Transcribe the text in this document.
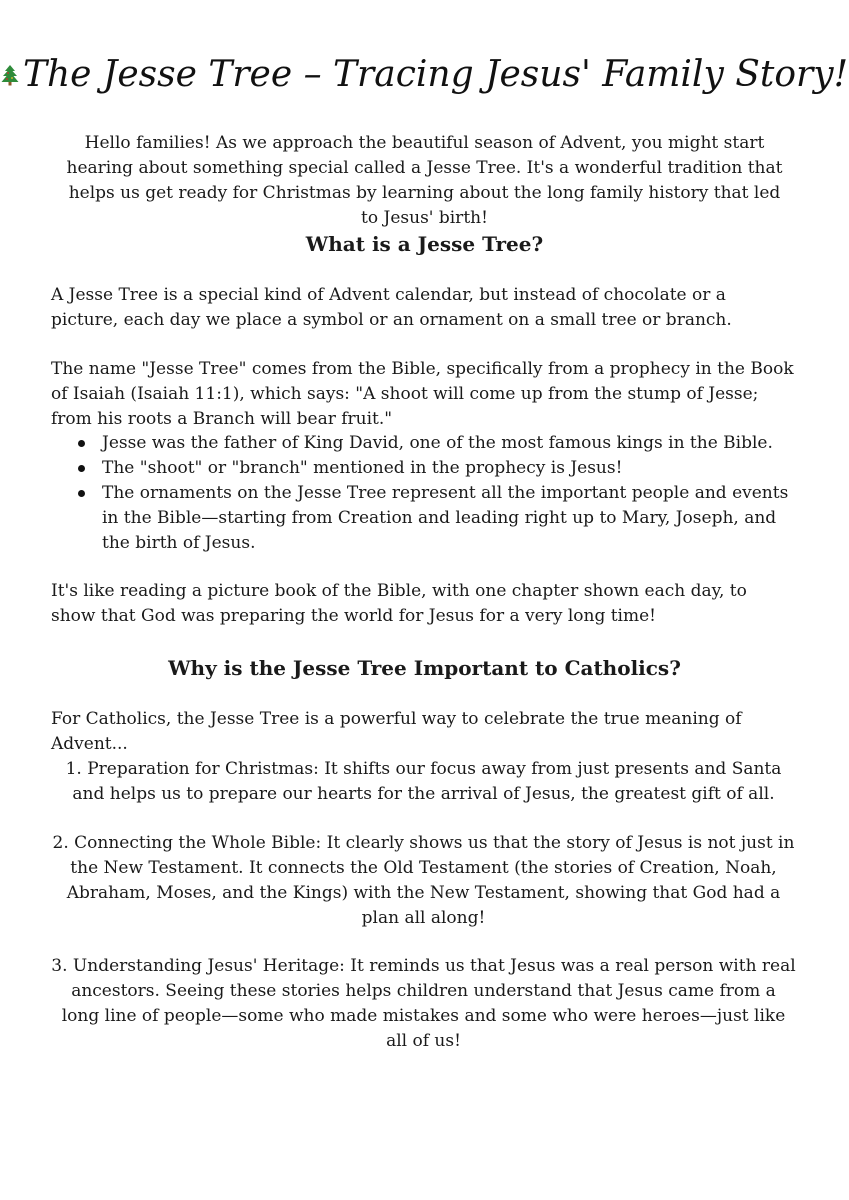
The Jesse Tree – Tracing Jesus' Family Story!
Hello families! As we approach the beautiful season of Advent, you might start hearing about something special called a Jesse Tree. It's a wonderful tradition that helps us get ready for Christmas by learning about the long family history that led to Jesus' birth!
What is a Jesse Tree?
A Jesse Tree is a special kind of Advent calendar, but instead of chocolate or a picture, each day we place a symbol or an ornament on a small tree or branch.
The name "Jesse Tree" comes from the Bible, specifically from a prophecy in the Book of Isaiah (Isaiah 11:1), which says: "A shoot will come up from the stump of Jesse; from his roots a Branch will bear fruit."
Jesse was the father of King David, one of the most famous kings in the Bible.
The "shoot" or "branch" mentioned in the prophecy is Jesus!
The ornaments on the Jesse Tree represent all the important people and events in the Bible—starting from Creation and leading right up to Mary, Joseph, and the birth of Jesus.
It's like reading a picture book of the Bible, with one chapter shown each day, to show that God was preparing the world for Jesus for a very long time!
Why is the Jesse Tree Important to Catholics?
For Catholics, the Jesse Tree is a powerful way to celebrate the true meaning of Advent...
1. Preparation for Christmas: It shifts our focus away from just presents and Santa and helps us to prepare our hearts for the arrival of Jesus, the greatest gift of all.
2. Connecting the Whole Bible: It clearly shows us that the story of Jesus is not just in the New Testament. It connects the Old Testament (the stories of Creation, Noah, Abraham, Moses, and the Kings) with the New Testament, showing that God had a plan all along!
3. Understanding Jesus' Heritage: It reminds us that Jesus was a real person with real ancestors. Seeing these stories helps children understand that Jesus came from a long line of people—some who made mistakes and some who were heroes—just like all of us!
